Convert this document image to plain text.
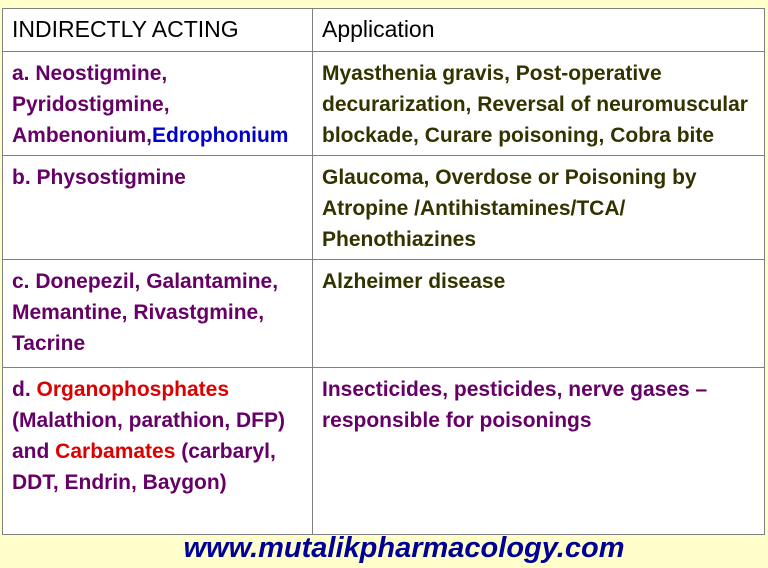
INDIRECTLY ACTING	Application
a. Neostigmine, Pyridostigmine, Ambenonium,Edrophonium	Myasthenia gravis, Post-operative decurarization, Reversal of neuromuscular blockade, Curare poisoning, Cobra bite
b. Physostigmine	Glaucoma, Overdose or Poisoning by Atropine /Antihistamines/TCA/ Phenothiazines
c. Donepezil, Galantamine, Memantine, Rivastgmine, Tacrine	Alzheimer disease
d. Organophosphates (Malathion, parathion, DFP) and Carbamates (carbaryl, DDT, Endrin, Baygon)	Insecticides, pesticides, nerve gases – responsible for poisonings
www.mutalikpharmacology.com
